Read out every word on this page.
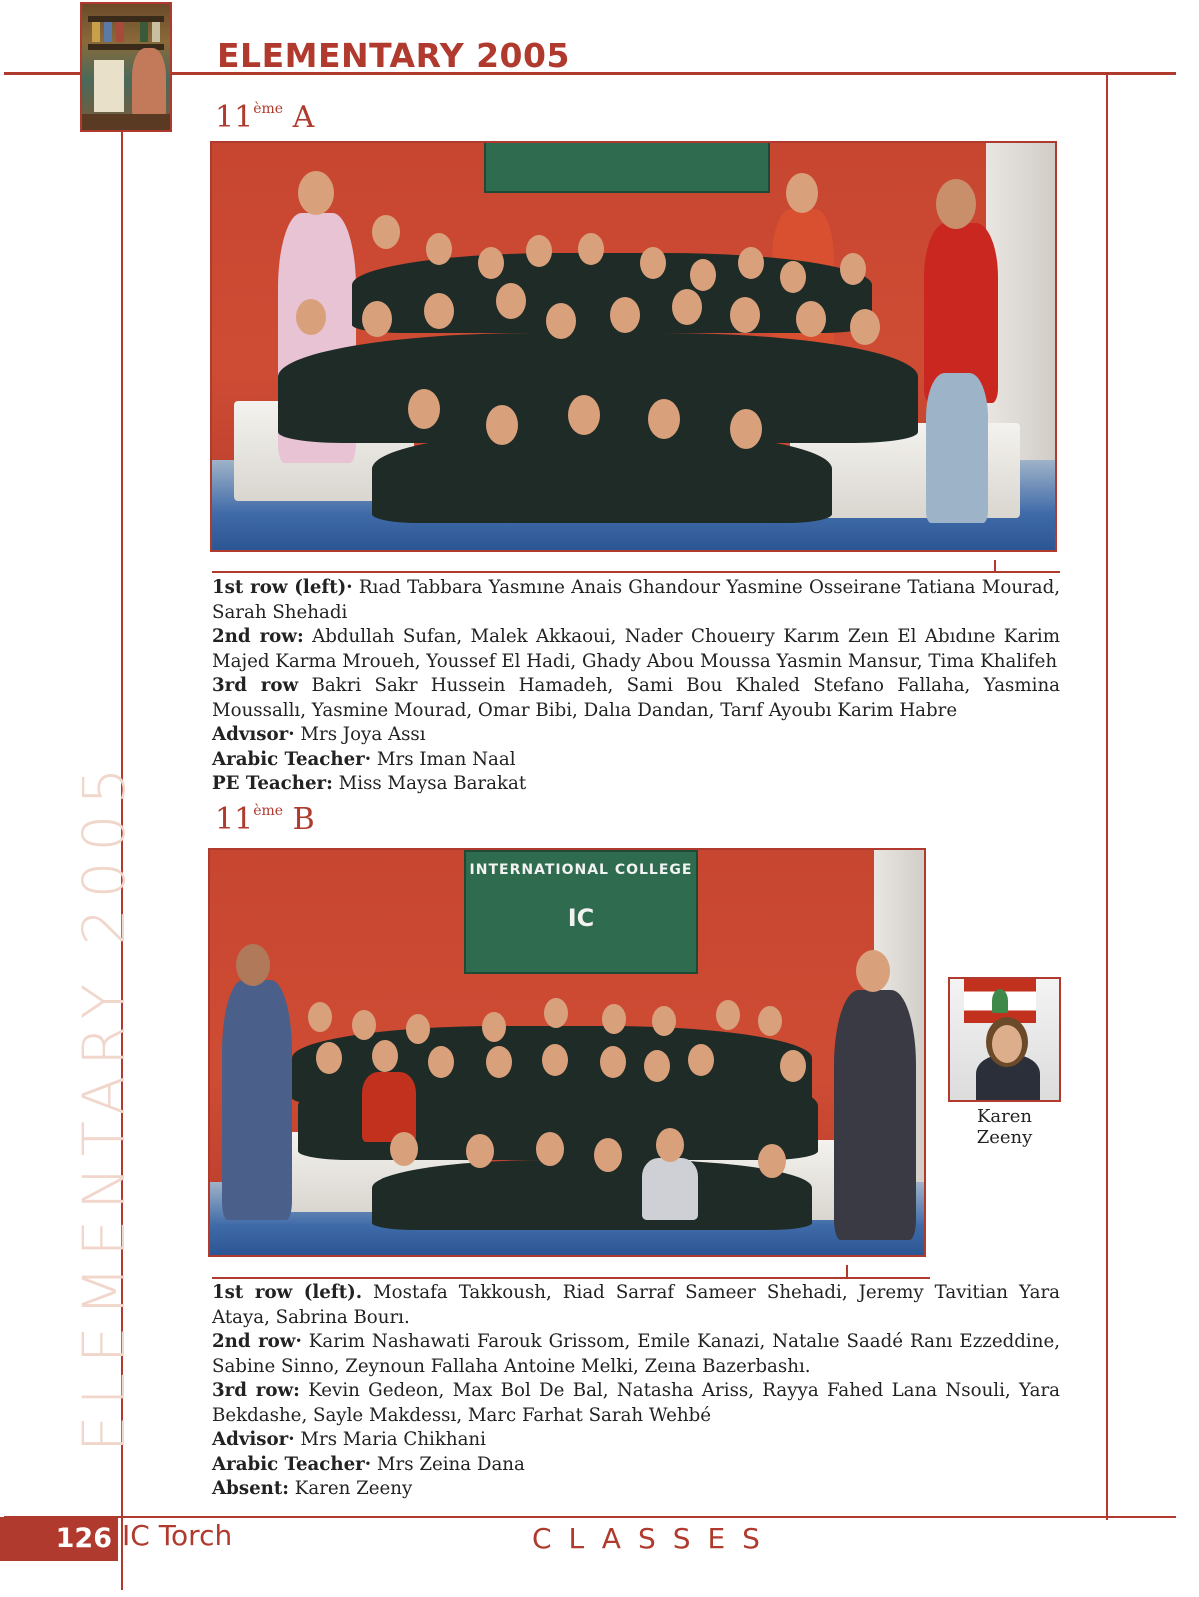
ELEMENTARY 2005
11ème A

1st row (left)· Rıad Tabbara Yasmıne Anais Ghandour Yasmine Osseirane Tatiana Mourad, Sarah Shehadi

2nd row: Abdullah Sufan, Malek Akkaoui, Nader Choueıry Karım Zeın El Abıdıne Karim Majed Karma Mroueh, Youssef El Hadi, Ghady Abou Moussa Yasmin Mansur, Tima Khalifeh

3rd row Bakri Sakr Hussein Hamadeh, Sami Bou Khaled Stefano Fallaha, Yasmina Moussallı, Yasmine Mourad, Omar Bibi, Dalıa Dandan, Tarıf Ayoubı Karim Habre

Advısor· Mrs Joya Assı

Arabic Teacher· Mrs Iman Naal

PE Teacher: Miss Maysa Barakat

11ème B
INTERNATIONAL COLLEGE
IC
Karen Zeeny

1st row (left). Mostafa Takkoush, Riad Sarraf Sameer Shehadi, Jeremy Tavitian Yara Ataya, Sabrina Bourı.

2nd row· Karim Nashawati Farouk Grissom, Emile Kanazi, Natalıe Saadé Ranı Ezzeddine, Sabine Sinno, Zeynoun Fallaha Antoine Melki, Zeına Bazerbashı.

3rd row: Kevin Gedeon, Max Bol De Bal, Natasha Ariss, Rayya Fahed Lana Nsouli, Yara Bekdashe, Sayle Makdessı, Marc Farhat Sarah Wehbé

Advisor· Mrs Maria Chikhani

Arabic Teacher· Mrs Zeina Dana

Absent: Karen Zeeny

ELEMENTARY 2005
126 IC Torch	CLASSES
